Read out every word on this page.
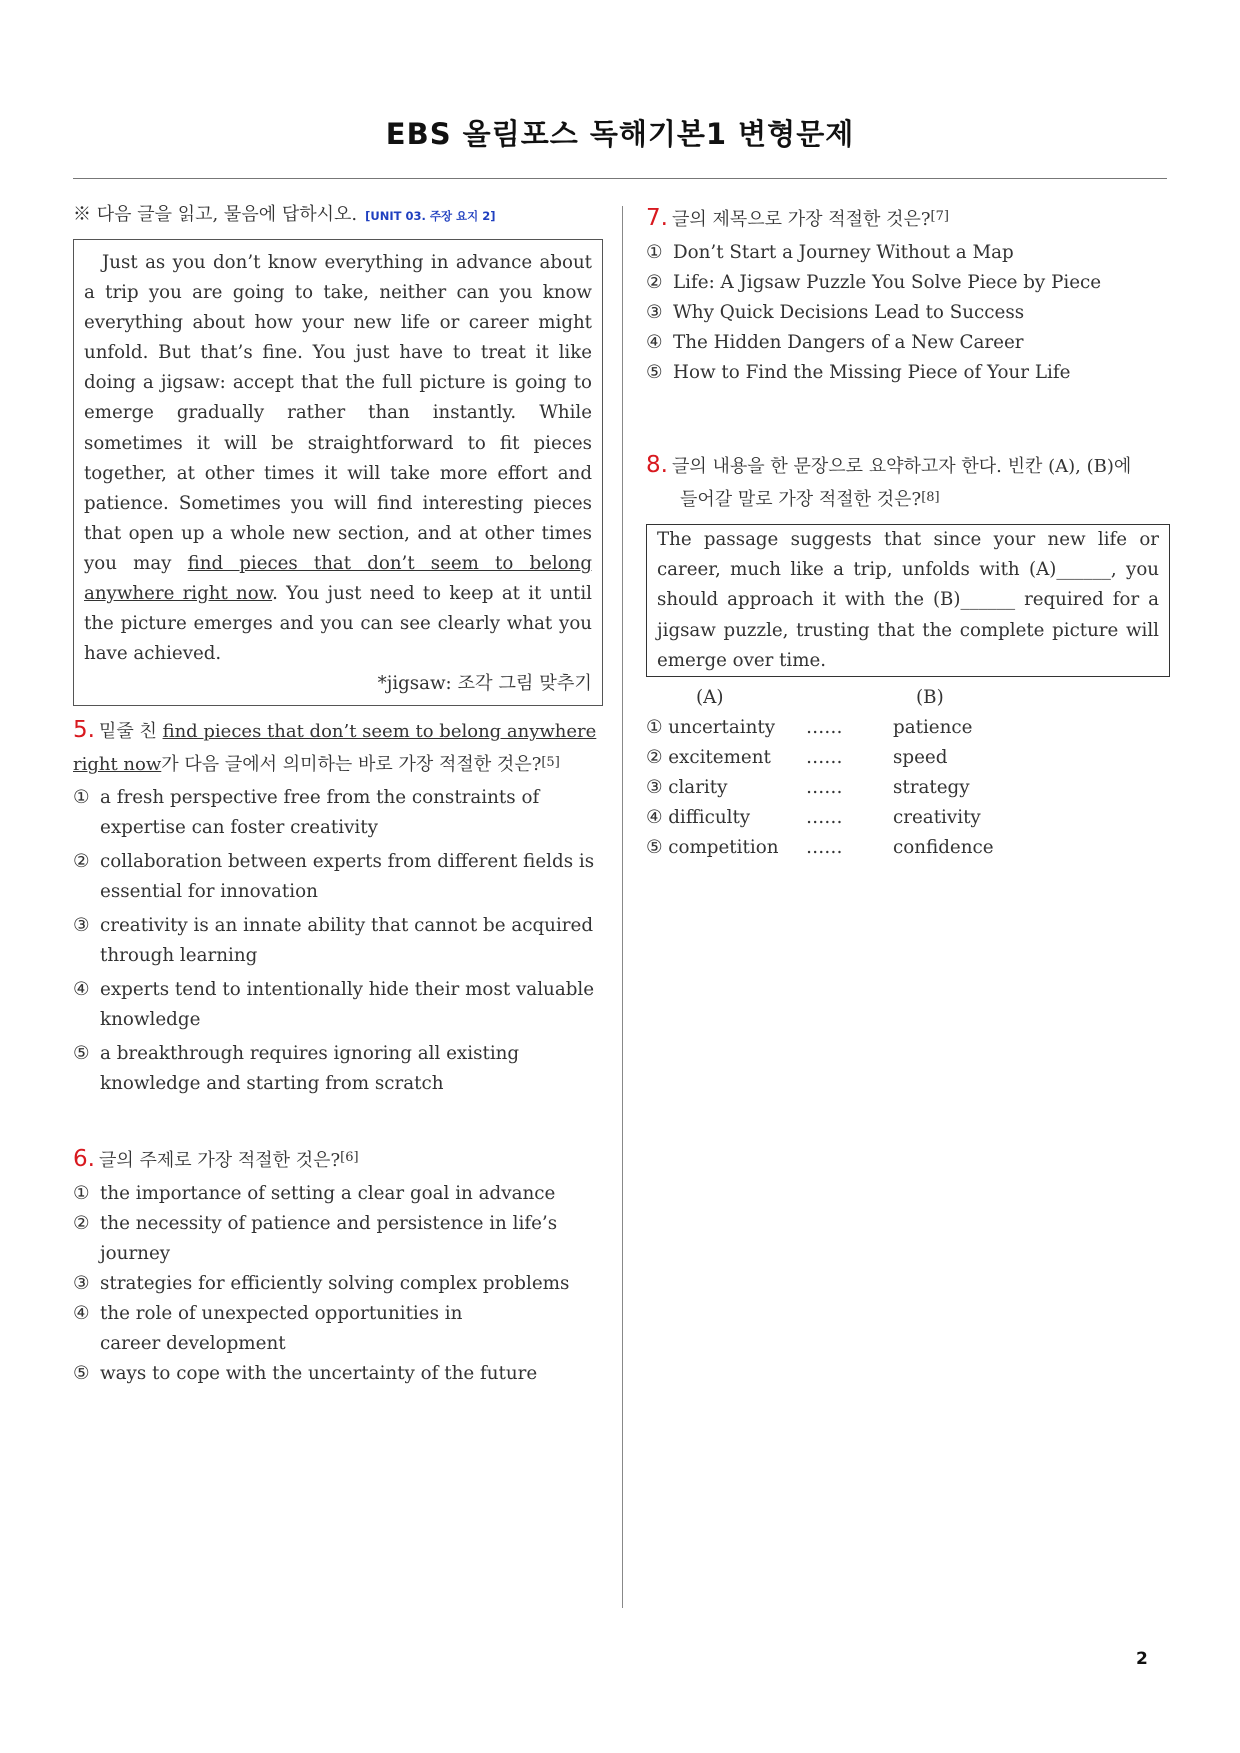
EBS 올림포스 독해기본1 변형문제
※ 다음 글을 읽고, 물음에 답하시오. [UNIT 03. 주장 요지 2]

Just as you don’t know everything in advance about a trip you are going to take, neither can you know everything about how your new life or career might unfold. But that’s fine. You just have to treat it like doing a jigsaw: accept that the full picture is going to emerge gradually rather than instantly. While sometimes it will be straightforward to fit pieces together, at other times it will take more effort and patience. Sometimes you will find interesting pieces that open up a whole new section, and at other times you may find pieces that don’t seem to belong anywhere right now. You just need to keep at it until the picture emerges and you can see clearly what you have achieved.

*jigsaw: 조각 그림 맞추기

5. 밑줄 친 find pieces that don’t seem to belong anywhere right now가 다음 글에서 의미하는 바로 가장 적절한 것은?[5]
① a fresh perspective free from the constraints of expertise can foster creativity
② collaboration between experts from different fields is essential for innovation
③ creativity is an innate ability that cannot be acquired through learning
④ experts tend to intentionally hide their most valuable knowledge
⑤ a breakthrough requires ignoring all existing knowledge and starting from scratch
6. 글의 주제로 가장 적절한 것은?[6]
① the importance of setting a clear goal in advance
② the necessity of patience and persistence in life’s journey
③ strategies for efficiently solving complex problems
④ the role of unexpected opportunities in career development
⑤ ways to cope with the uncertainty of the future
7. 글의 제목으로 가장 적절한 것은?[7]
① Don’t Start a Journey Without a Map
② Life: A Jigsaw Puzzle You Solve Piece by Piece
③ Why Quick Decisions Lead to Success
④ The Hidden Dangers of a New Career
⑤ How to Find the Missing Piece of Your Life
8. 글의 내용을 한 문장으로 요약하고자 한다. 빈칸 (A), (B)에
들어갈 말로 가장 적절한 것은?[8]
The passage suggests that since your new life or career, much like a trip, unfolds with (A)______, you should approach it with the (B)______ required for a jigsaw puzzle, trusting that the complete picture will emerge over time.
(A)	(B)
① uncertainty	……	patience
② excitement	……	speed
③ clarity	……	strategy
④ difficulty	……	creativity
⑤ competition	……	confidence
2
